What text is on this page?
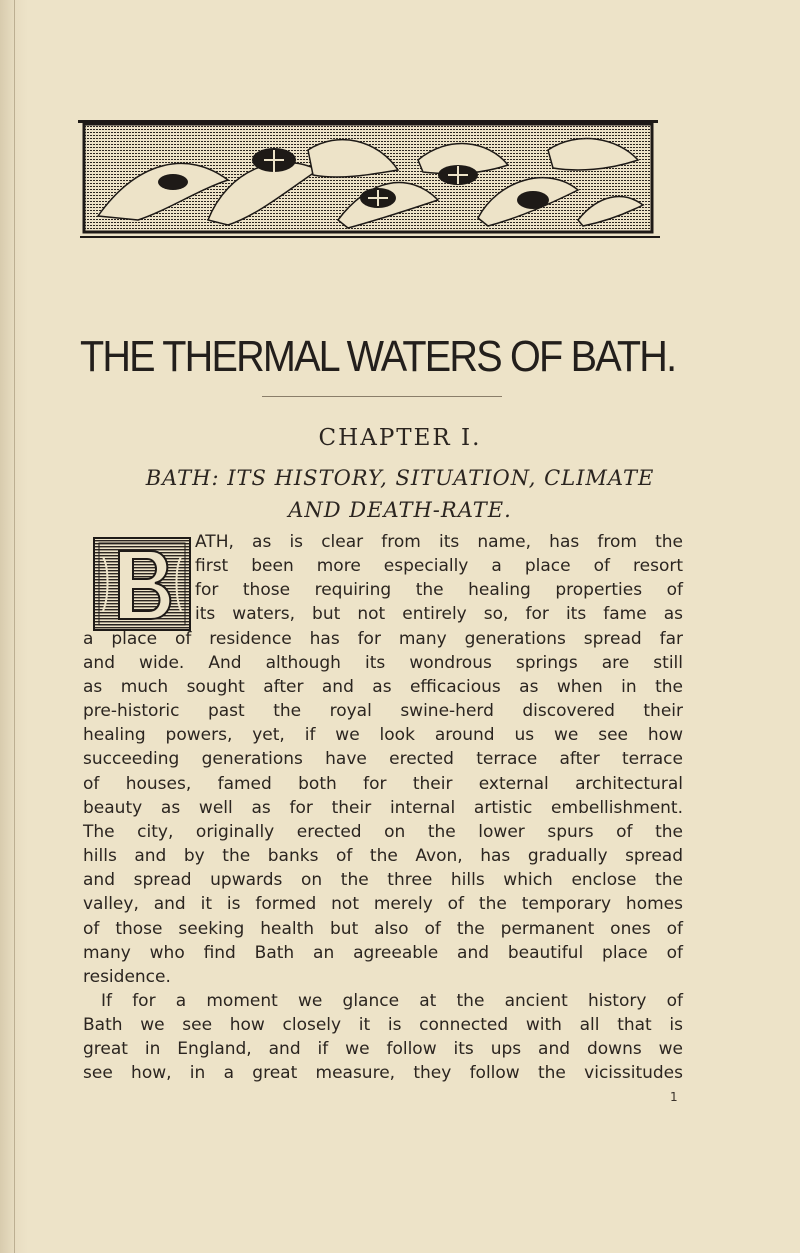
THE THERMAL WATERS OF BATH.
CHAPTER I.
BATH: ITS HISTORY, SITUATION, CLIMATE
AND DEATH-RATE.
ATH, as is clear from its name, has from the
first been more especially a place of resort
for those requiring the healing properties of
its waters, but not entirely so, for its fame as
a place of residence has for many generations spread far
and wide. And although its wondrous springs are still
as much sought after and as efficacious as when in the
pre-historic past the royal swine-herd discovered their
healing powers, yet, if we look around us we see how
succeeding generations have erected terrace after terrace
of houses, famed both for their external architectural
beauty as well as for their internal artistic embellishment.
The city, originally erected on the lower spurs of the
hills and by the banks of the Avon, has gradually spread
and spread upwards on the three hills which enclose the
valley, and it is formed not merely of the temporary homes
of those seeking health but also of the permanent ones of
many who find Bath an agreeable and beautiful place of
residence.
If for a moment we glance at the ancient history of
Bath we see how closely it is connected with all that is
great in England, and if we follow its ups and downs we
see how, in a great measure, they follow the vicissitudes

1
